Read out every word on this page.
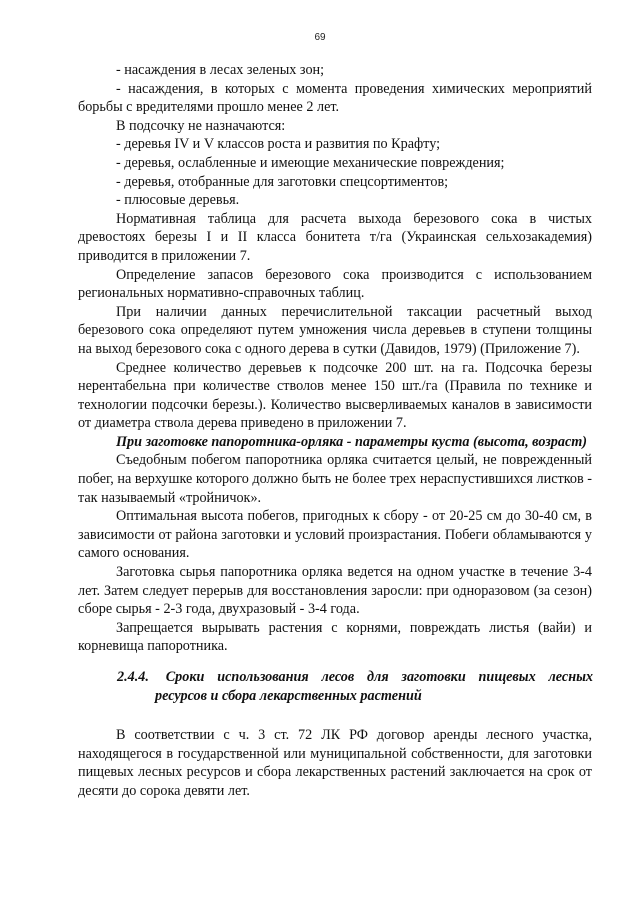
69

- насаждения в лесах зеленых зон;

- насаждения, в которых с момента проведения химических мероприятий борьбы с вредителями прошло менее 2 лет.

В подсочку не назначаются:

- деревья IV и V классов роста и развития по Крафту;

- деревья, ослабленные и имеющие механические повреждения;

- деревья, отобранные для заготовки спецсортиментов;

- плюсовые деревья.

Нормативная таблица для расчета выхода березового сока в чистых древостоях березы I и II класса бонитета т/га (Украинская сельхозакадемия) приводится в приложении 7.

Определение запасов березового сока производится с использованием региональных нормативно-справочных таблиц.

При наличии данных перечислительной таксации расчетный выход березового сока определяют путем умножения числа деревьев в ступени толщины на выход березового сока с одного дерева в сутки (Давидов, 1979) (Приложение 7).

Среднее количество деревьев к подсочке 200 шт. на га. Подсочка березы нерентабельна при количестве стволов менее 150 шт./га (Правила по технике и технологии подсочки березы.). Количество высверливаемых каналов в зависимости от диаметра ствола дерева приведено в приложении 7.

При заготовке папоротника-орляка - параметры куста (высота, возраст)

Съедобным побегом папоротника орляка считается целый, не поврежденный побег, на верхушке которого должно быть не более трех нераспустившихся листков - так называемый «тройничок».

Оптимальная высота побегов, пригодных к сбору - от 20-25 см до 30-40 см, в зависимости от района заготовки и условий произрастания. Побеги обламываются у самого основания.

Заготовка сырья папоротника орляка ведется на одном участке в течение 3-4 лет. Затем следует перерыв для восстановления заросли: при одноразовом (за сезон) сборе сырья - 2-3 года, двухразовый - 3-4 года.

Запрещается вырывать растения с корнями, повреждать листья (вайи) и корневища папоротника.

2.4.4. Сроки использования лесов для заготовки пищевых лесных
ресурсов и сбора лекарственных растений

В соответствии с ч. 3 ст. 72 ЛК РФ договор аренды лесного участка, находящегося в государственной или муниципальной собственности, для заготовки пищевых лесных ресурсов и сбора лекарственных растений заключается на срок от десяти до сорока девяти лет.
